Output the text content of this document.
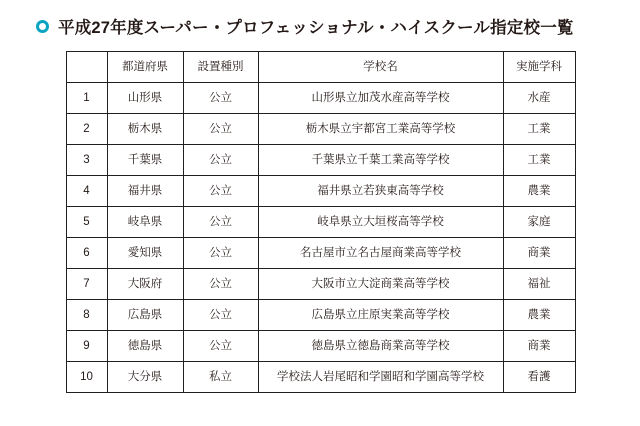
平成27年度スーパー・プロフェッショナル・ハイスクール指定校一覧
	都道府県	設置種別	学校名	実施学科
1	山形県	公立	山形県立加茂水産高等学校	水産
2	栃木県	公立	栃木県立宇都宮工業高等学校	工業
3	千葉県	公立	千葉県立千葉工業高等学校	工業
4	福井県	公立	福井県立若狭東高等学校	農業
5	岐阜県	公立	岐阜県立大垣桜高等学校	家庭
6	愛知県	公立	名古屋市立名古屋商業高等学校	商業
7	大阪府	公立	大阪市立大淀商業高等学校	福祉
8	広島県	公立	広島県立庄原実業高等学校	農業
9	徳島県	公立	徳島県立徳島商業高等学校	商業
10	大分県	私立	学校法人岩尾昭和学園昭和学園高等学校	看護
